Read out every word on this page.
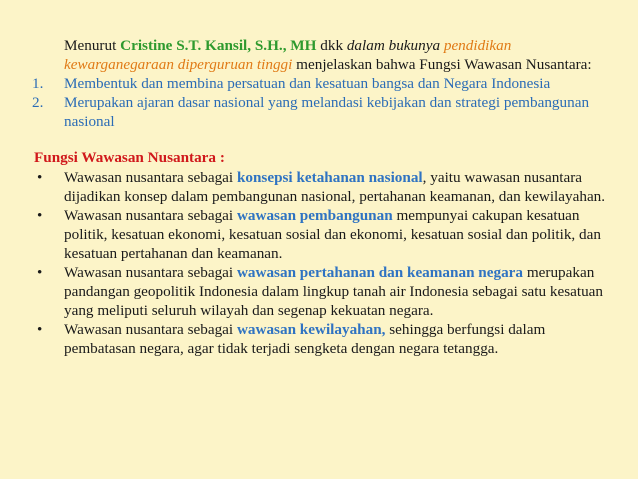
Menurut Cristine S.T. Kansil, S.H., MH dkk dalam bukunya pendidikan kewarganegaraan diperguruan tinggi menjelaskan bahwa Fungsi Wawasan Nusantara:

1. Membentuk dan membina persatuan dan kesatuan bangsa dan Negara Indonesia
2. Merupakan ajaran dasar nasional yang melandasi kebijakan dan strategi pembangunan nasional
Fungsi Wawasan Nusantara :
• Wawasan nusantara sebagai konsepsi ketahanan nasional, yaitu wawasan nusantara dijadikan konsep dalam pembangunan nasional, pertahanan keamanan, dan kewilayahan.
• Wawasan nusantara sebagai wawasan pembangunan mempunyai cakupan kesatuan politik, kesatuan ekonomi, kesatuan sosial dan ekonomi, kesatuan sosial dan politik, dan kesatuan pertahanan dan keamanan.
• Wawasan nusantara sebagai wawasan pertahanan dan keamanan negara merupakan pandangan geopolitik Indonesia dalam lingkup tanah air Indonesia sebagai satu kesatuan yang meliputi seluruh wilayah dan segenap kekuatan negara.
• Wawasan nusantara sebagai wawasan kewilayahan, sehingga berfungsi dalam pembatasan negara, agar tidak terjadi sengketa dengan negara tetangga.
